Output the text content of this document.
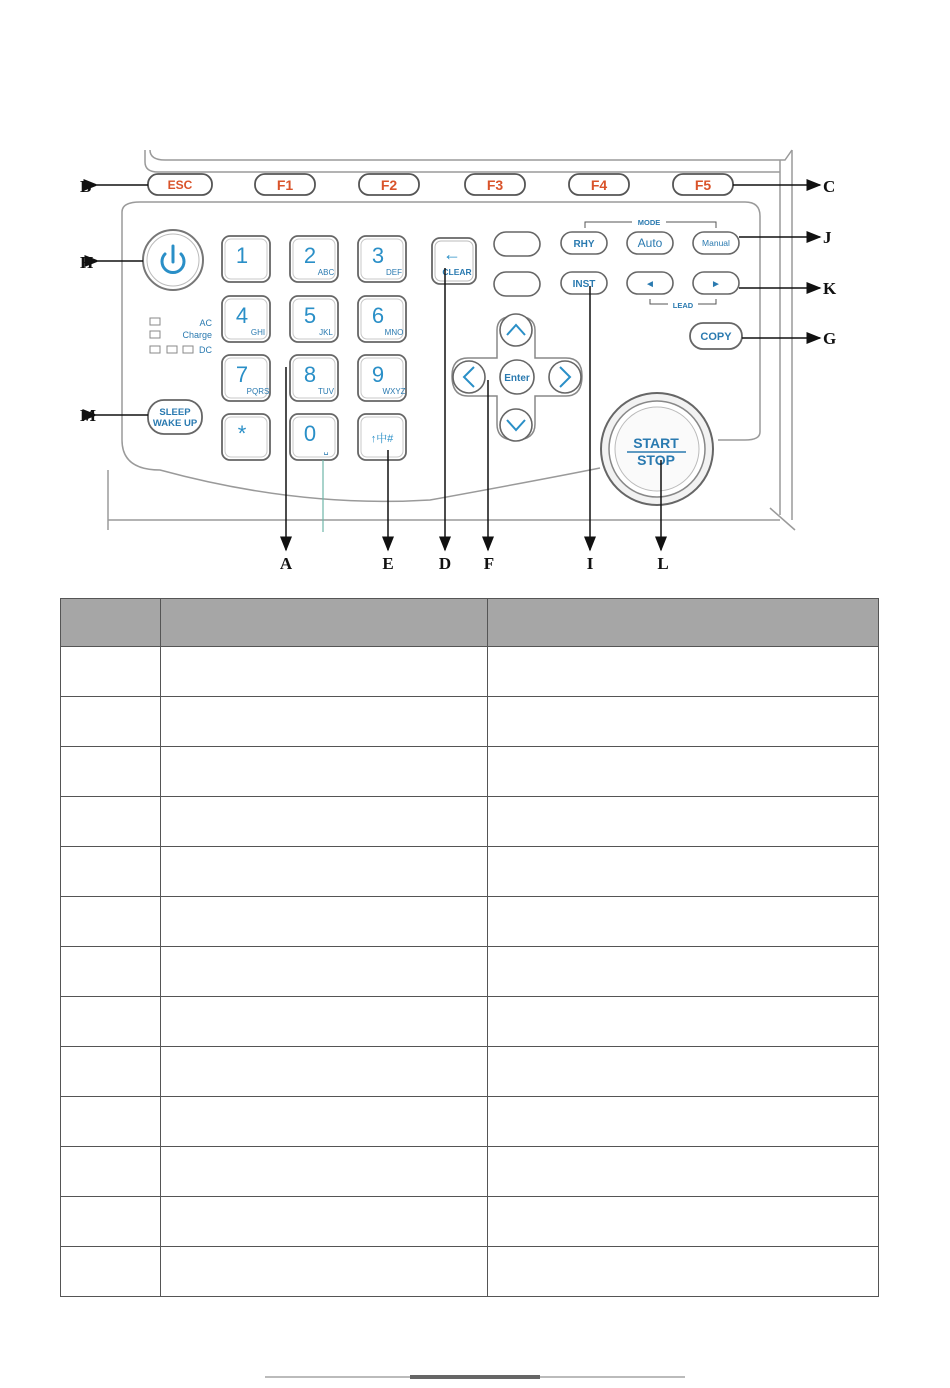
ESC	F1	F2	F3	F4	F5
AC
Charge
DC
SLEEP
WAKE UP
1	2
ABC
3
DEF
4
GHI
5
JKL
6
MNO
7
PQRS
8
TUV
9
WXYZ
*	0
␣
↑中#
←
CLEAR
MODE
RHY	Auto	Manual
INST	◄	►
LEAD
COPY
Enter
START
STOP
B	C
H
M
J
K
G
A	E	D F	I	L
